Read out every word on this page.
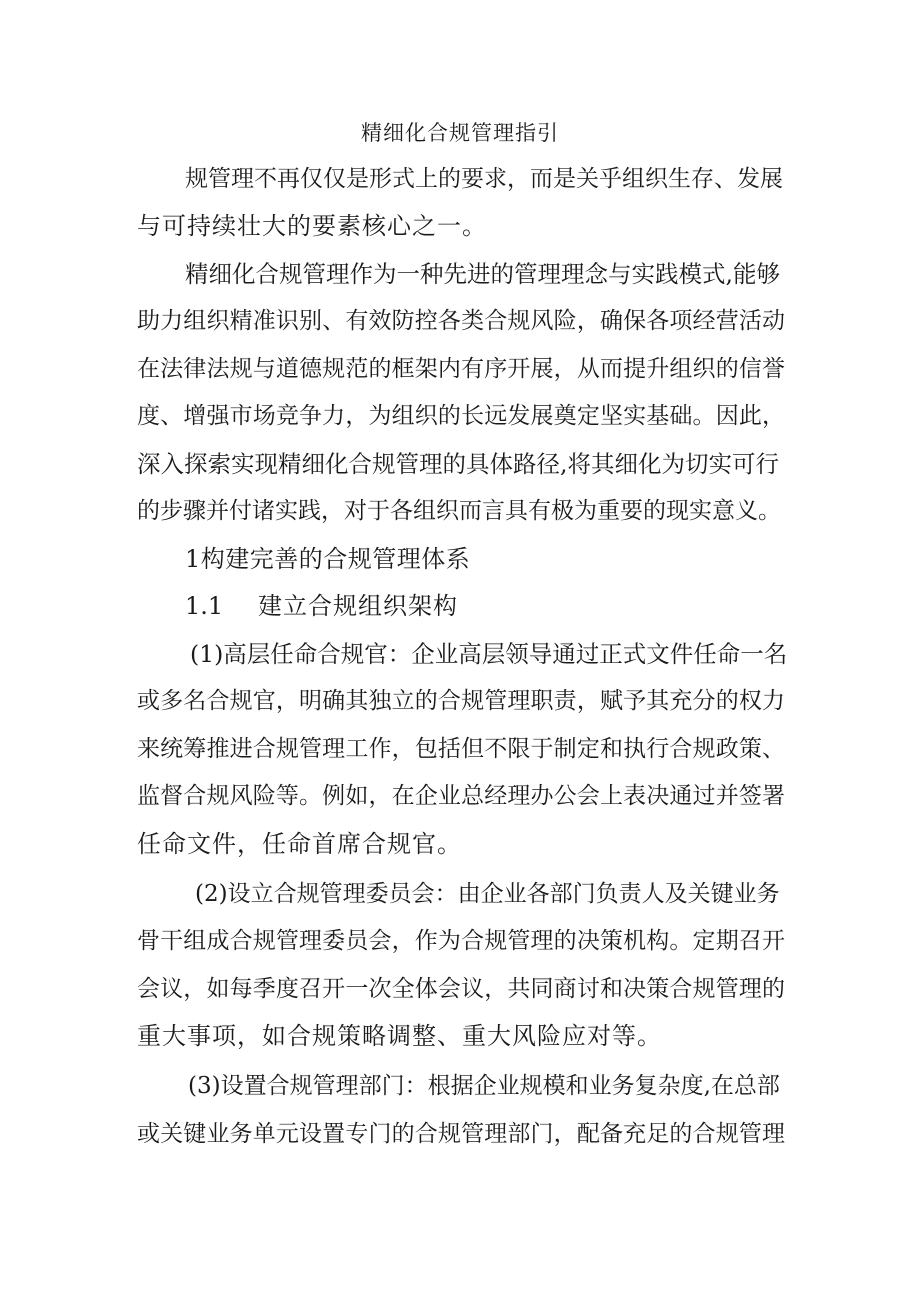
精细化合规管理指引
规管理不再仅仅是形式上的要求，而是关乎组织生存、发展
与可持续壮大的要素核心之一。
精细化合规管理作为一种先进的管理理念与实践模式,能够
助力组织精准识别、有效防控各类合规风险，确保各项经营活动
在法律法规与道德规范的框架内有序开展，从而提升组织的信誉
度、增强市场竞争力，为组织的长远发展奠定坚实基础。因此，
深入探索实现精细化合规管理的具体路径,将其细化为切实可行
的步骤并付诸实践，对于各组织而言具有极为重要的现实意义。
1构建完善的合规管理体系
1.1 建立合规组织架构
(1)高层任命合规官：企业高层领导通过正式文件任命一名
或多名合规官，明确其独立的合规管理职责，赋予其充分的权力
来统筹推进合规管理工作，包括但不限于制定和执行合规政策、
监督合规风险等。例如，在企业总经理办公会上表决通过并签署
任命文件，任命首席合规官。
(2)设立合规管理委员会：由企业各部门负责人及关键业务
骨干组成合规管理委员会，作为合规管理的决策机构。定期召开
会议，如每季度召开一次全体会议，共同商讨和决策合规管理的
重大事项，如合规策略调整、重大风险应对等。
(3)设置合规管理部门：根据企业规模和业务复杂度,在总部
或关键业务单元设置专门的合规管理部门，配备充足的合规管理
